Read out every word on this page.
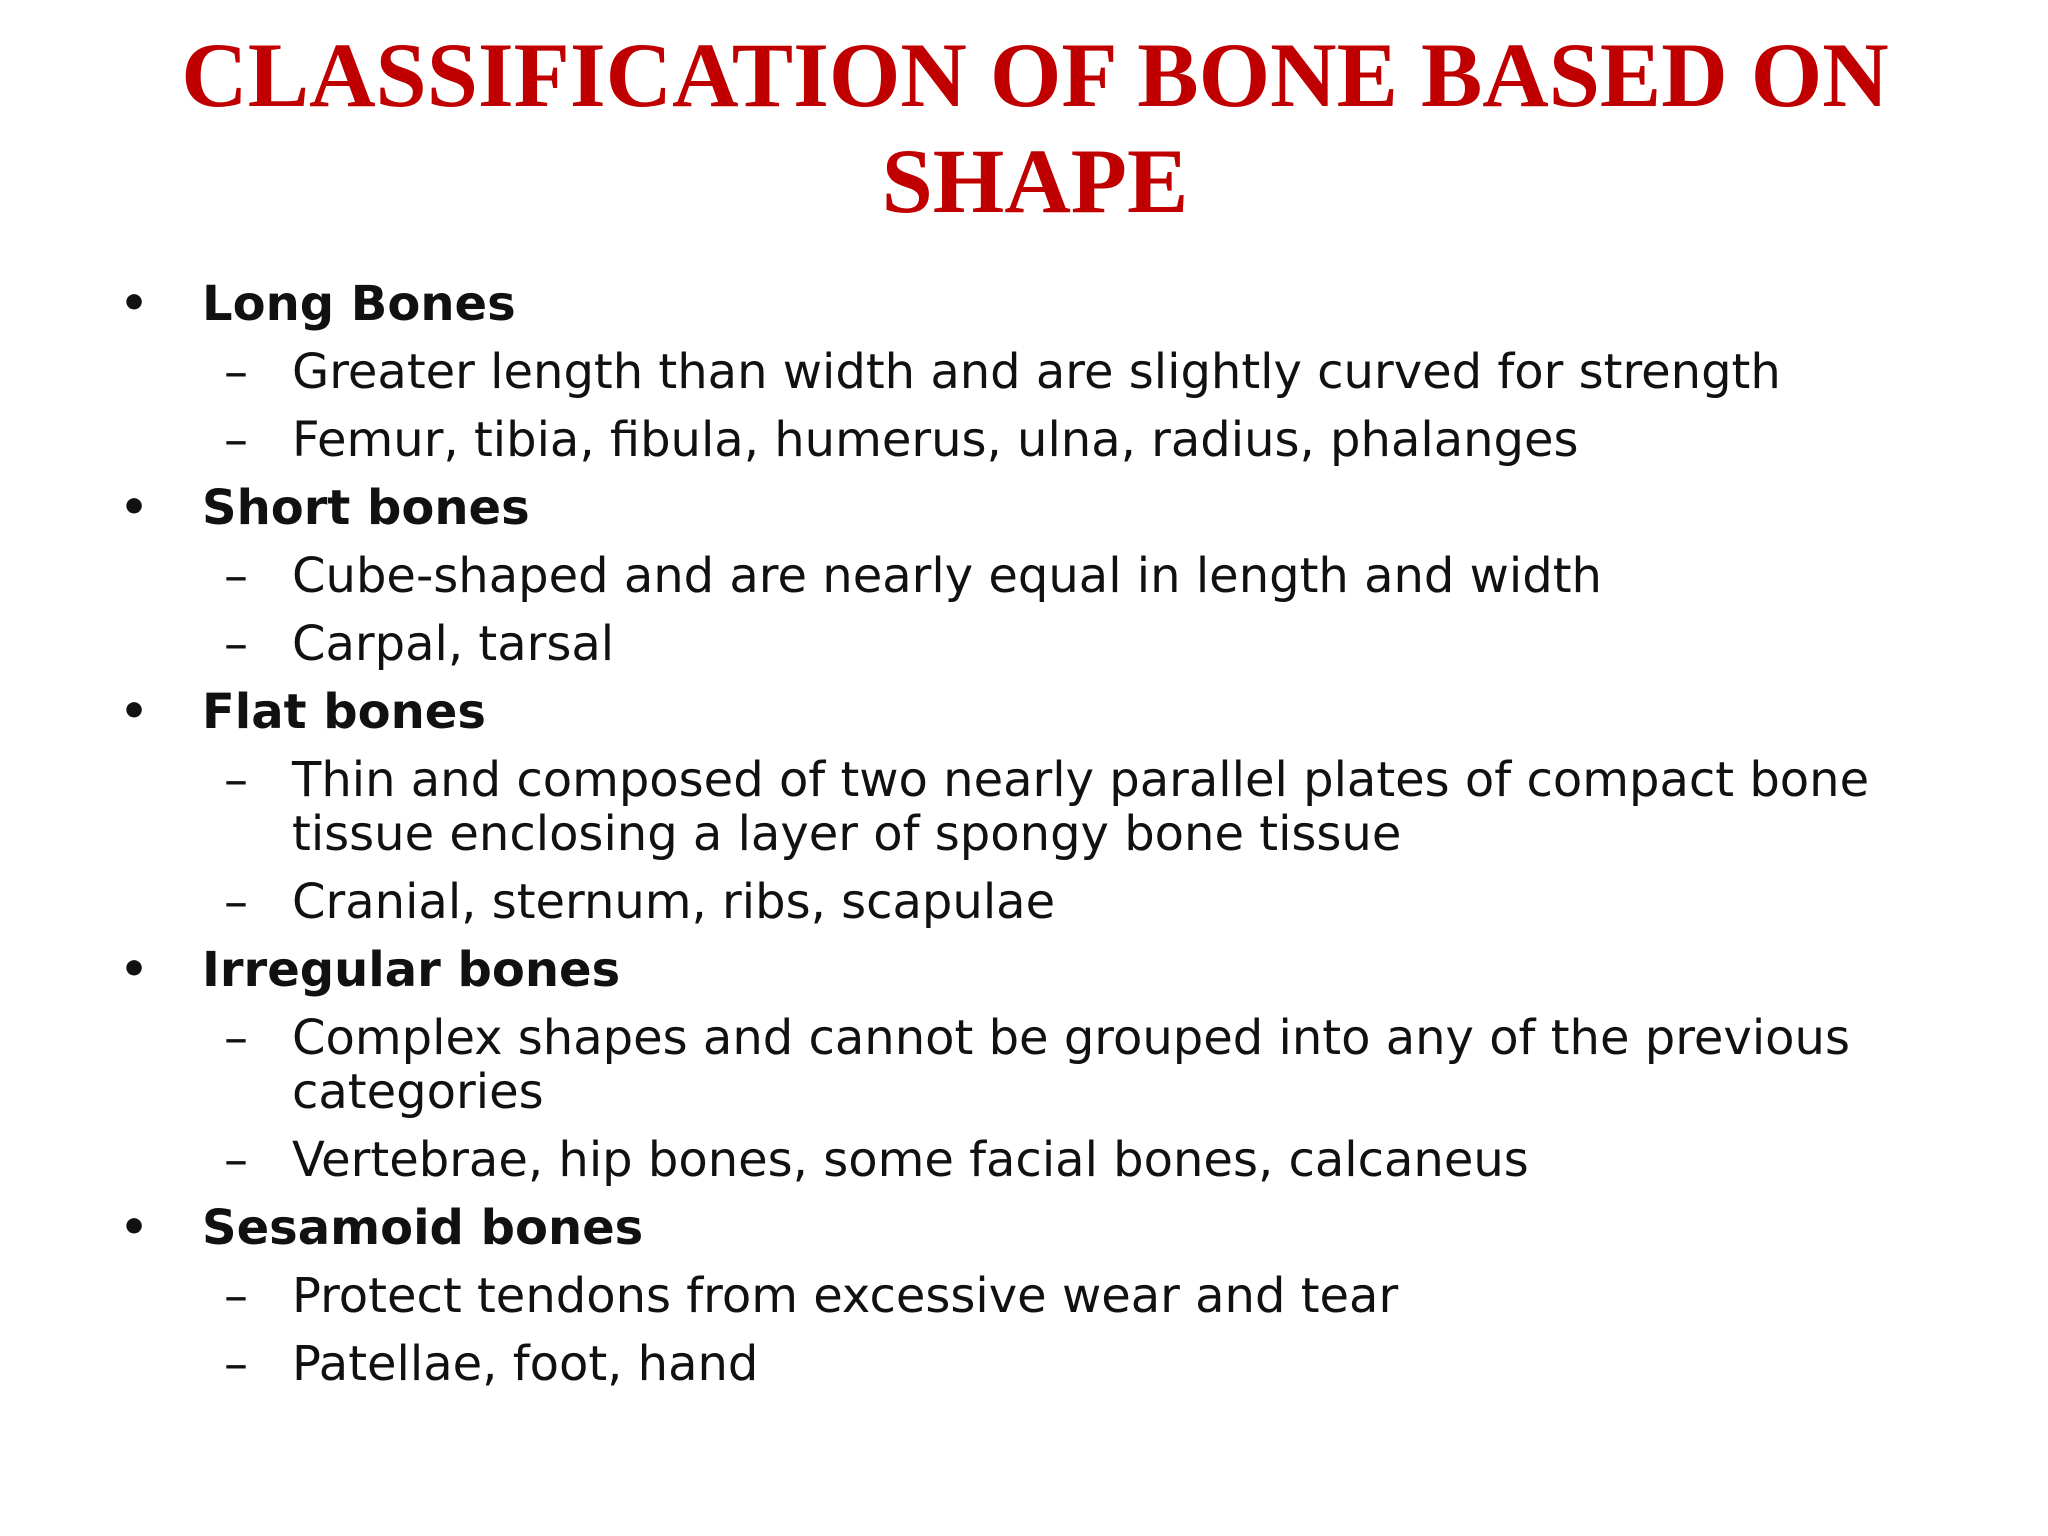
CLASSIFICATION OF BONE BASED ON SHAPE
• Long Bones
– Greater length than width and are slightly curved for strength
– Femur, tibia, fibula, humerus, ulna, radius, phalanges
• Short bones
– Cube-shaped and are nearly equal in length and width
– Carpal, tarsal
• Flat bones
– Thin and composed of two nearly parallel plates of compact bone tissue enclosing a layer of spongy bone tissue
– Cranial, sternum, ribs, scapulae
• Irregular bones
– Complex shapes and cannot be grouped into any of the previous categories
– Vertebrae, hip bones, some facial bones, calcaneus
• Sesamoid bones
– Protect tendons from excessive wear and tear
– Patellae, foot, hand
